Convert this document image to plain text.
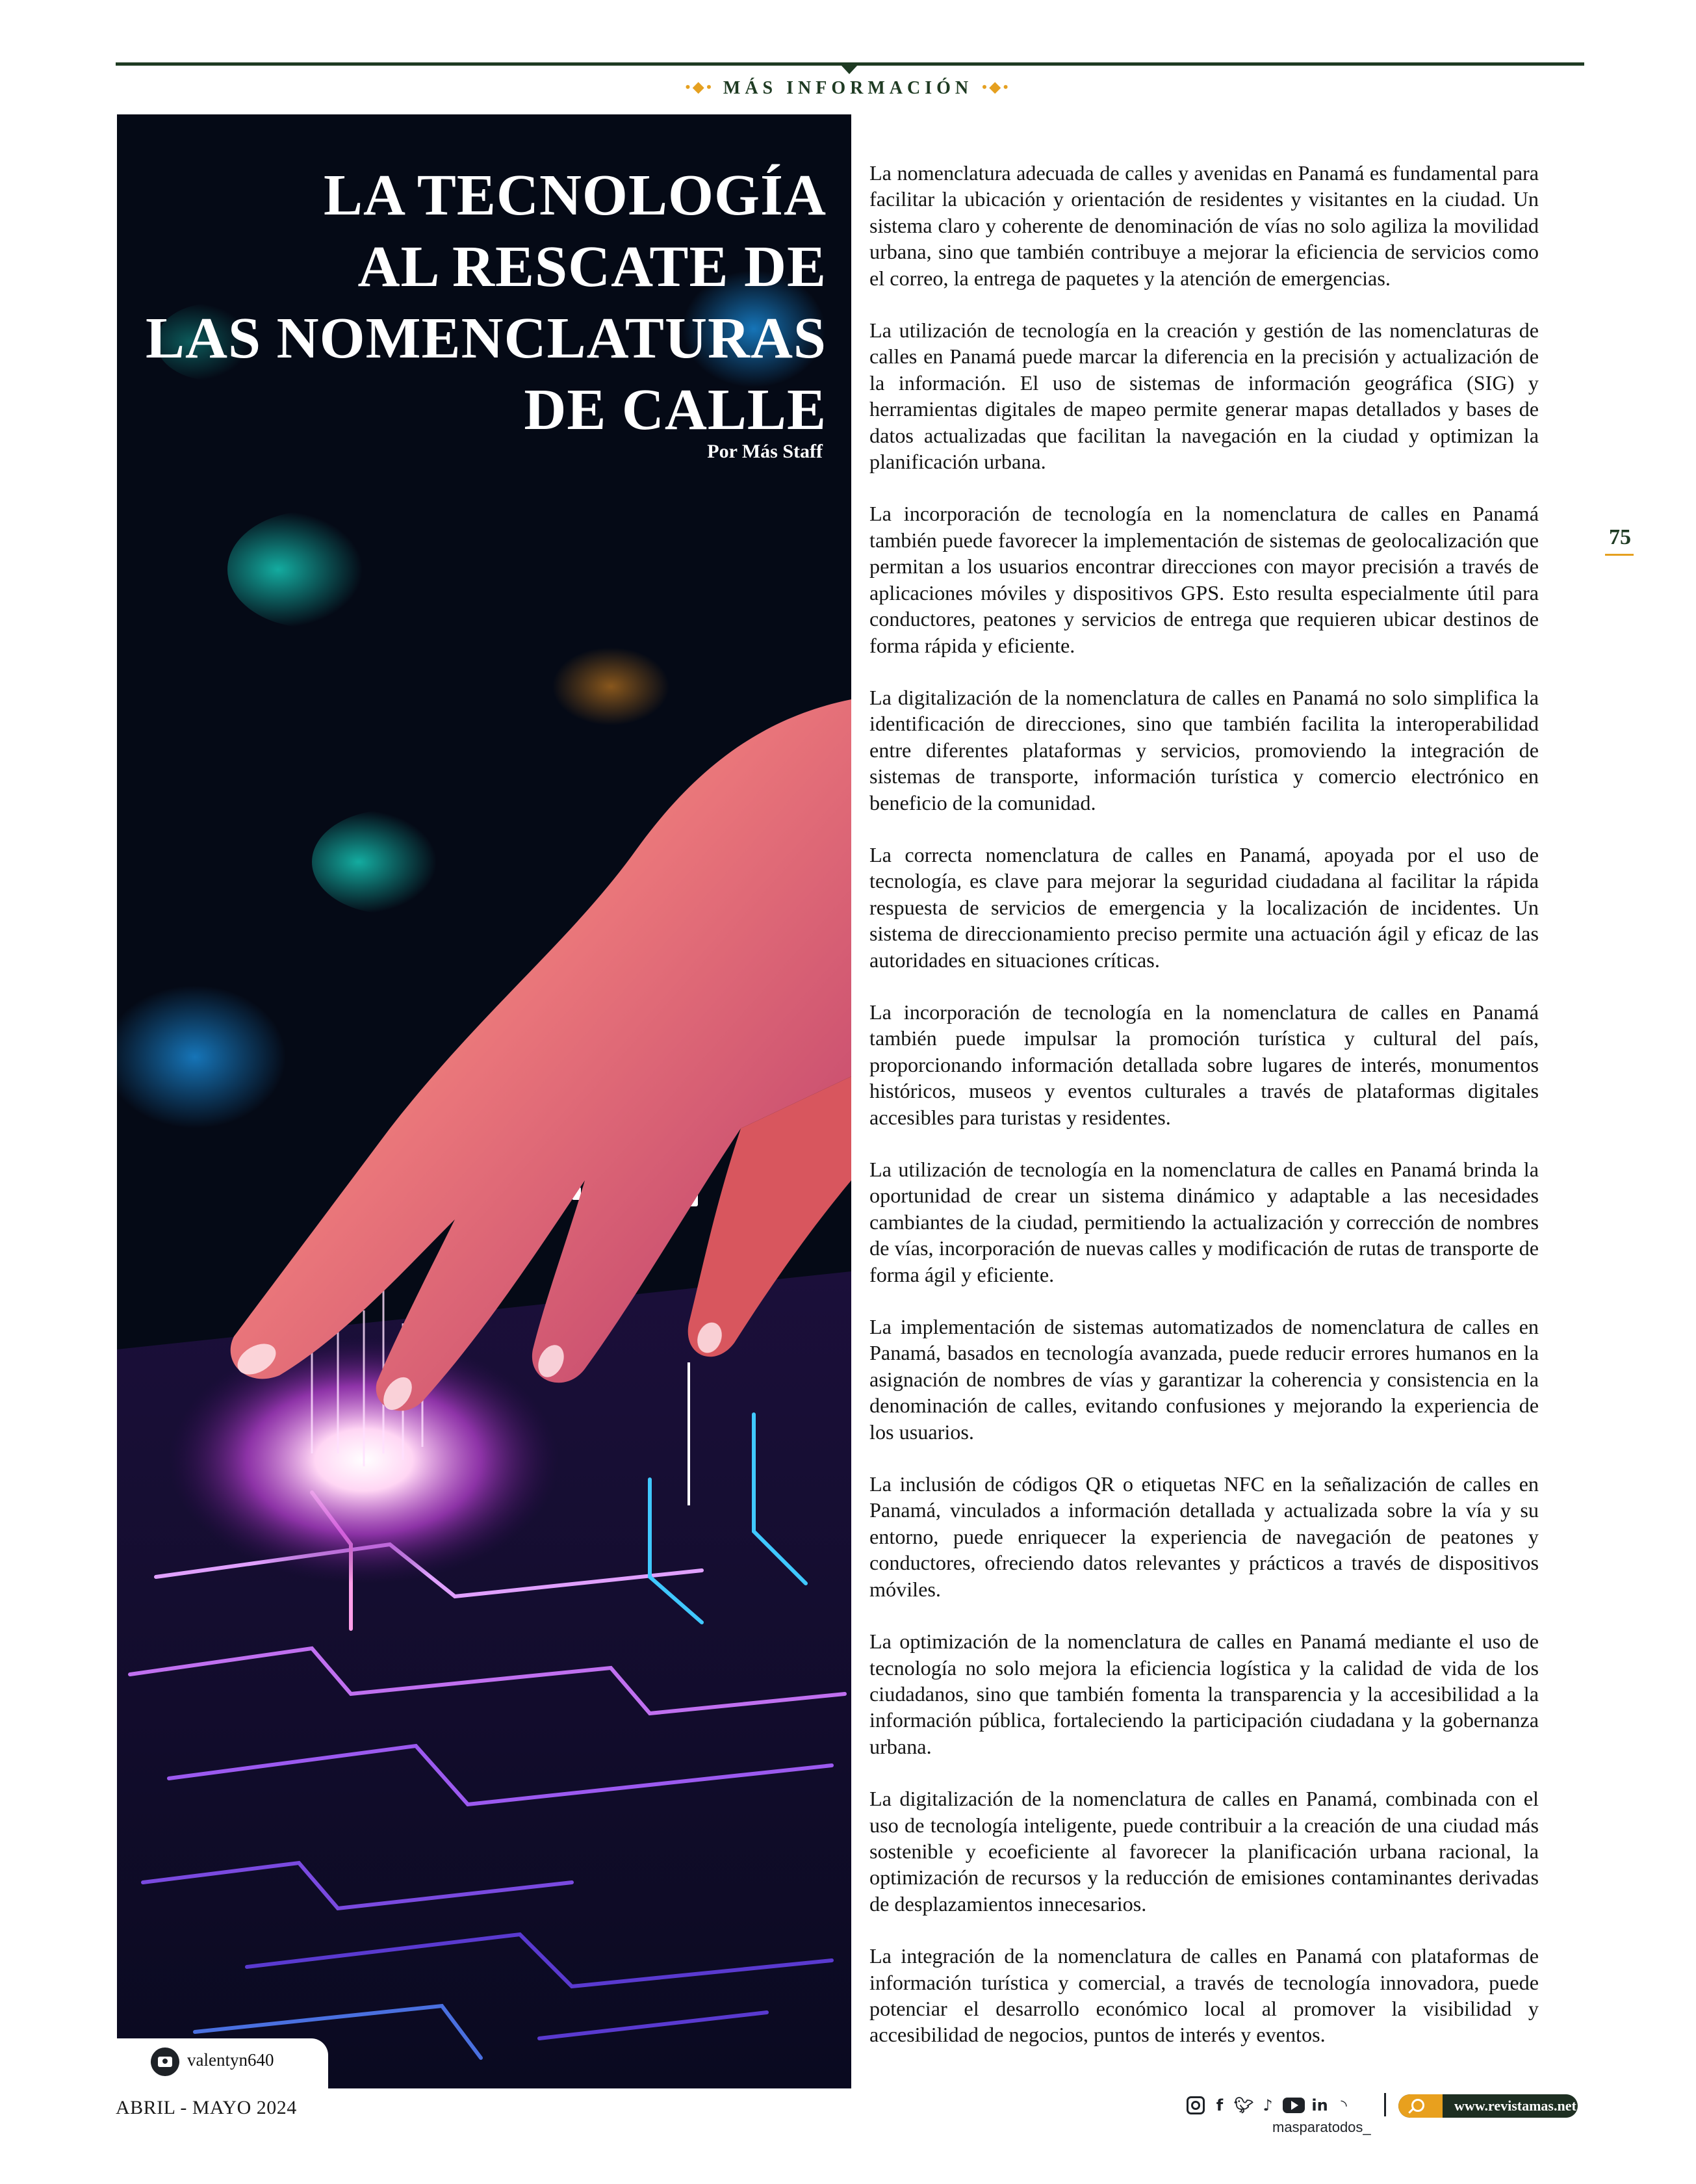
•◆• MÁS INFORMACIÓN •◆•
LA TECNOLOGÍA
AL RESCATE DE
LAS NOMENCLATURAS
DE CALLE
Por Más Staff
valentyn640

La nomenclatura adecuada de calles y avenidas en Panamá es fundamental para facilitar la ubicación y orientación de residentes y visitantes en la ciudad. Un sistema claro y coherente de denominación de vías no solo agiliza la movilidad urbana, sino que también contribuye a mejorar la eficiencia de servicios como el correo, la entrega de paquetes y la atención de emergencias.

La utilización de tecnología en la creación y gestión de las nomenclaturas de calles en Panamá puede marcar la diferencia en la precisión y actualización de la información. El uso de sistemas de información geográfica (SIG) y herramientas digitales de mapeo permite generar mapas detallados y bases de datos actualizadas que facilitan la navegación en la ciudad y optimizan la planificación urbana.

La incorporación de tecnología en la nomenclatura de calles en Panamá también puede favorecer la implementación de sistemas de geolocalización que permitan a los usuarios encontrar direcciones con mayor precisión a través de aplicaciones móviles y dispositivos GPS. Esto resulta especialmente útil para conductores, peatones y servicios de entrega que requieren ubicar destinos de forma rápida y eficiente.

La digitalización de la nomenclatura de calles en Panamá no solo simplifica la identificación de direcciones, sino que también facilita la interoperabilidad entre diferentes plataformas y servicios, promoviendo la integración de sistemas de transporte, información turística y comercio electrónico en beneficio de la comunidad.

La correcta nomenclatura de calles en Panamá, apoyada por el uso de tecnología, es clave para mejorar la seguridad ciudadana al facilitar la rápida respuesta de servicios de emergencia y la localización de incidentes. Un sistema de direccionamiento preciso permite una actuación ágil y eficaz de las autoridades en situaciones críticas.

La incorporación de tecnología en la nomenclatura de calles en Panamá también puede impulsar la promoción turística y cultural del país, proporcionando información detallada sobre lugares de interés, monumentos históricos, museos y eventos culturales a través de plataformas digitales accesibles para turistas y residentes.

La utilización de tecnología en la nomenclatura de calles en Panamá brinda la oportunidad de crear un sistema dinámico y adaptable a las necesidades cambiantes de la ciudad, permitiendo la actualización y corrección de nombres de vías, incorporación de nuevas calles y modificación de rutas de transporte de forma ágil y eficiente.

La implementación de sistemas automatizados de nomenclatura de calles en Panamá, basados en tecnología avanzada, puede reducir errores humanos en la asignación de nombres de vías y garantizar la coherencia y consistencia en la denominación de calles, evitando confusiones y mejorando la experiencia de los usuarios.

La inclusión de códigos QR o etiquetas NFC en la señalización de calles en Panamá, vinculados a información detallada y actualizada sobre la vía y su entorno, puede enriquecer la experiencia de navegación de peatones y conductores, ofreciendo datos relevantes y prácticos a través de dispositivos móviles.

La optimización de la nomenclatura de calles en Panamá mediante el uso de tecnología no solo mejora la eficiencia logística y la calidad de vida de los ciudadanos, sino que también fomenta la transparencia y la accesibilidad a la información pública, fortaleciendo la participación ciudadana y la gobernanza urbana.

La digitalización de la nomenclatura de calles en Panamá, combinada con el uso de tecnología inteligente, puede contribuir a la creación de una ciudad más sostenible y ecoeficiente al favorecer la planificación urbana racional, la optimización de recursos y la reducción de emisiones contaminantes derivadas de desplazamientos innecesarios.

La integración de la nomenclatura de calles en Panamá con plataformas de información turística y comercial, a través de tecnología innovadora, puede potenciar el desarrollo económico local al promover la visibilidad y accesibilidad de negocios, puntos de interés y eventos.

75
ABRIL - MAYO 2024	f 🐦︎ ♪ in ◝
masparatodos_
www.revistamas.net
